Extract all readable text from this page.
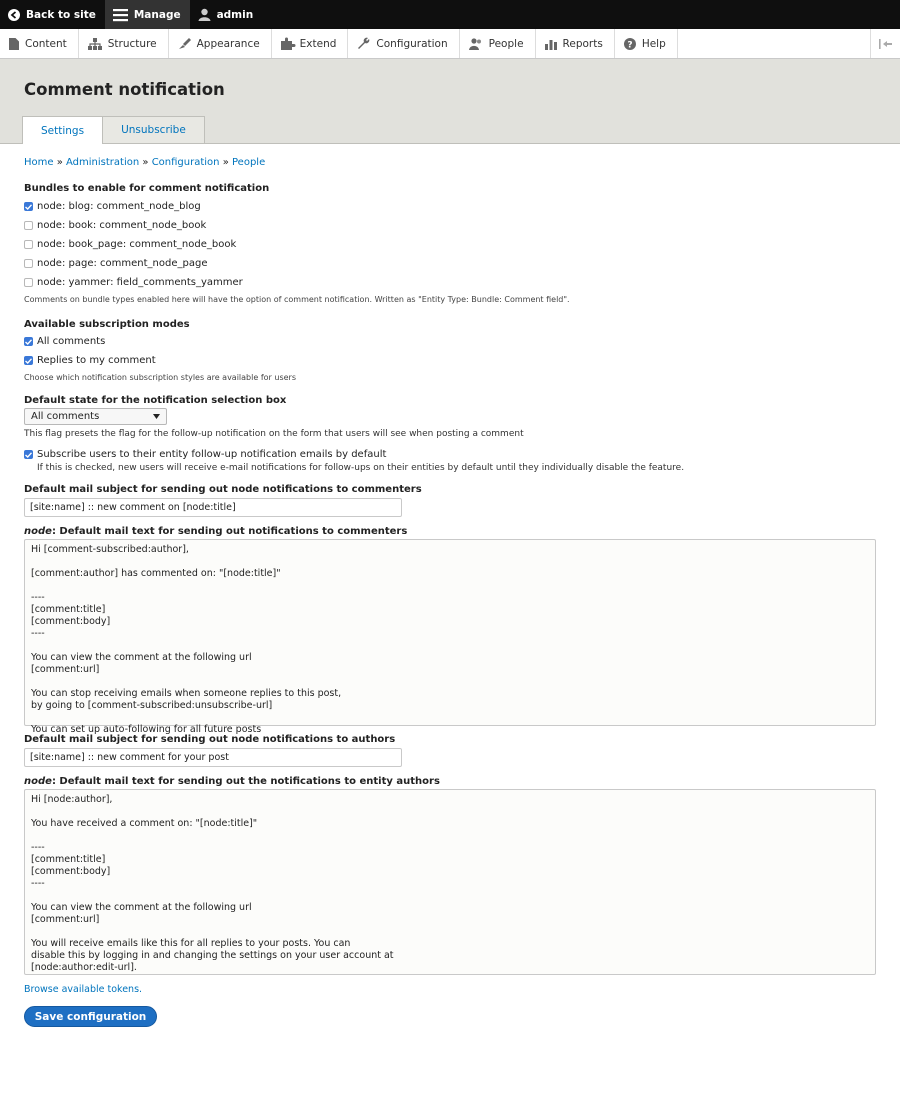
Back to site	Manage	admin
Content	Structure	Appearance	Extend	Configuration	People	Reports	? Help
Comment notification
Settings	Unsubscribe
Home » Administration » Configuration » People
Bundles to enable for comment notification
node: blog: comment_node_blog
node: book: comment_node_book
node: book_page: comment_node_book
node: page: comment_node_page
node: yammer: field_comments_yammer
Comments on bundle types enabled here will have the option of comment notification. Written as "Entity Type: Bundle: Comment field".
Available subscription modes
All comments
Replies to my comment
Choose which notification subscription styles are available for users
Default state for the notification selection box
All comments
This flag presets the flag for the follow-up notification on the form that users will see when posting a comment
Subscribe users to their entity follow-up notification emails by default
If this is checked, new users will receive e-mail notifications for follow-ups on their entities by default until they individually disable the feature.
Default mail subject for sending out node notifications to commenters
[site:name] :: new comment on [node:title]
node: Default mail text for sending out notifications to commenters
Hi [comment-subscribed:author],

[comment:author] has commented on: "[node:title]"

----
[comment:title]
[comment:body]
----

You can view the comment at the following url
[comment:url]

You can stop receiving emails when someone replies to this post,
by going to [comment-subscribed:unsubscribe-url]

You can set up auto-following for all future posts
Default mail subject for sending out node notifications to authors
[site:name] :: new comment for your post
node: Default mail text for sending out the notifications to entity authors
Hi [node:author],

You have received a comment on: "[node:title]"

----
[comment:title]
[comment:body]
----

You can view the comment at the following url
[comment:url]

You will receive emails like this for all replies to your posts. You can
disable this by logging in and changing the settings on your user account at
[node:author:edit-url].
Browse available tokens.
Save configuration
